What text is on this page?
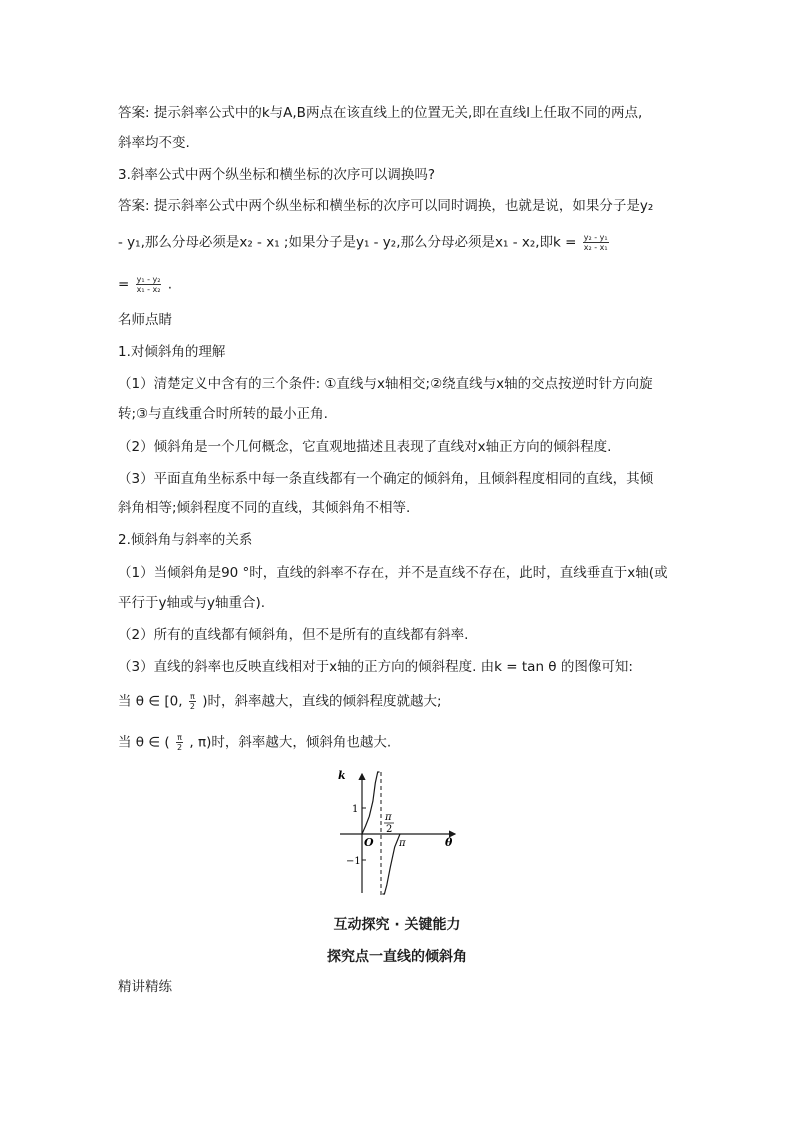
答案: 提示斜率公式中的k与A,B两点在该直线上的位置无关,即在直线l上任取不同的两点,
斜率均不变.
3.斜率公式中两个纵坐标和横坐标的次序可以调换吗?
答案: 提示斜率公式中两个纵坐标和横坐标的次序可以同时调换，也就是说，如果分子是y₂
- y₁,那么分母必须是x₂ - x₁ ;如果分子是y₁ - y₂,那么分母必须是x₁ - x₂,即$k = \frac{\text{y₂ - y₁}}{\text{x₂ - x₁}}$
= $\frac{\text{y₁ - y₂}}{\text{x₁ - x₂}}$ .
名师点睛
1.对倾斜角的理解
（1）清楚定义中含有的三个条件: ①直线与x轴相交;②绕直线与x轴的交点按逆时针方向旋
转;③与直线重合时所转的最小正角.
（2）倾斜角是一个几何概念，它直观地描述且表现了直线对x轴正方向的倾斜程度.
（3）平面直角坐标系中每一条直线都有一个确定的倾斜角，且倾斜程度相同的直线，其倾
斜角相等;倾斜程度不同的直线，其倾斜角不相等.
2.倾斜角与斜率的关系
（1）当倾斜角是90 °时，直线的斜率不存在，并不是直线不存在，此时，直线垂直于x轴(或
平行于y轴或与y轴重合).
（2）所有的直线都有倾斜角，但不是所有的直线都有斜率.
（3）直线的斜率也反映直线相对于x轴的正方向的倾斜程度. 由k = tan θ 的图像可知:
当 θ ∈ [0, $\frac{\pi}{2}$ )时，斜率越大，直线的倾斜程度就越大;
当 θ ∈ ( $\frac{\pi}{2}$ , π)时，斜率越大，倾斜角也越大.
k
θ
O
1
−1
π
2
π
互动探究 · 关键能力
探究点一直线的倾斜角
精讲精练
